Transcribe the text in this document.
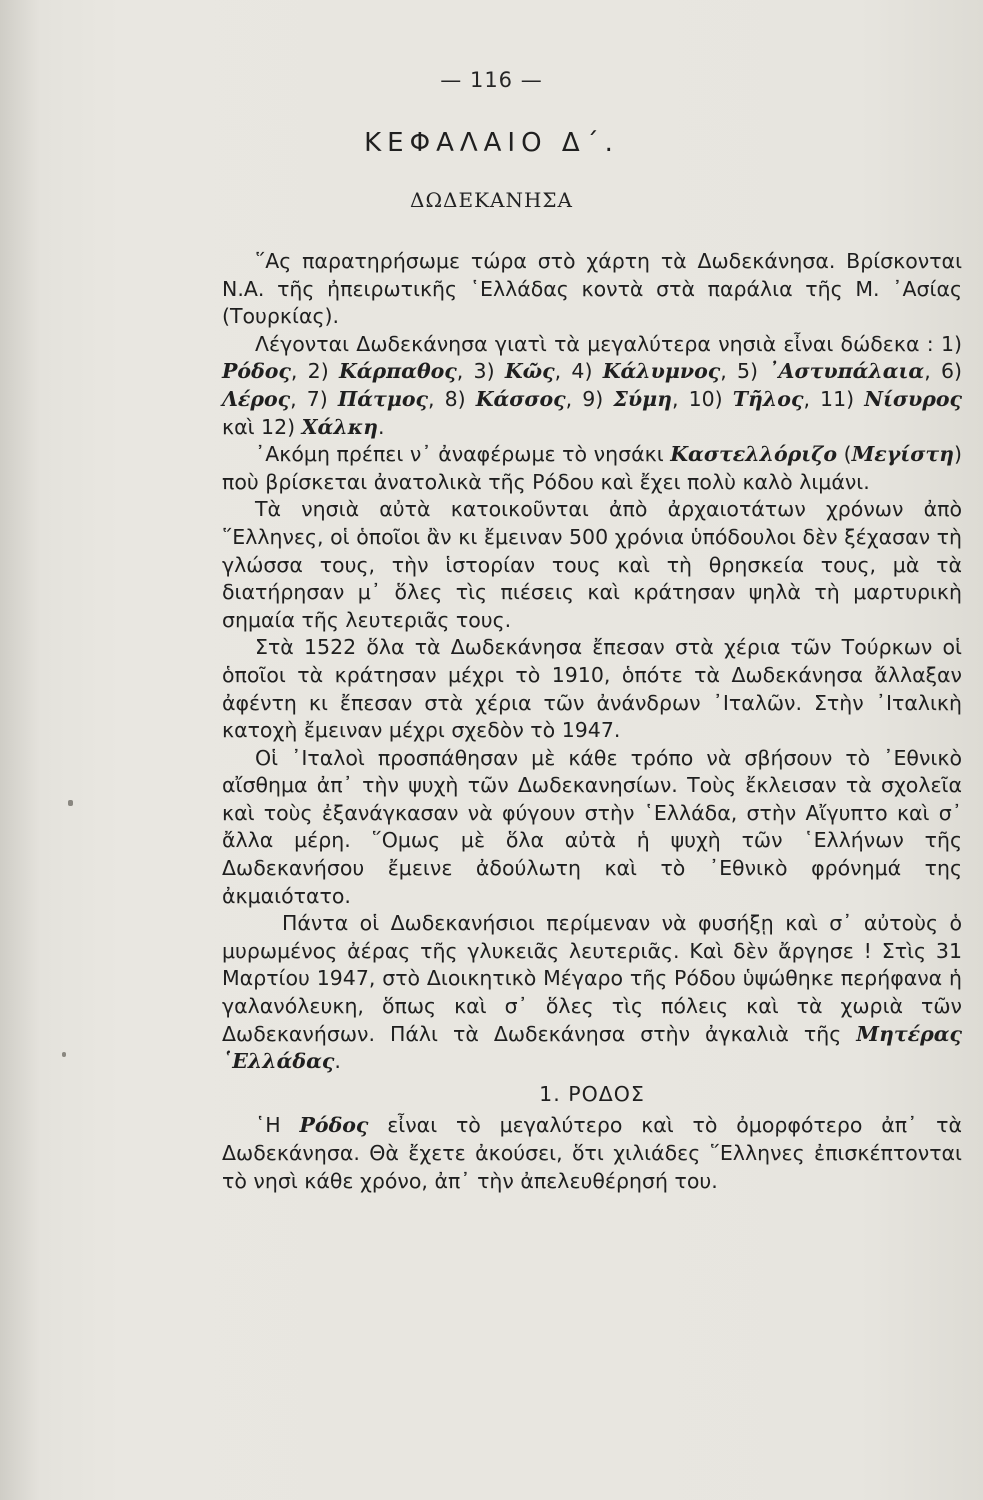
— 116 —
ΚΕΦΑΛΑΙΟ Δ΄.
ΔΩΔΕΚΑΝΗΣΑ

῞Ας παρατηρήσωμε τώρα στὸ χάρτη τὰ Δωδεκάνησα. Βρίσκονται Ν.Α. τῆς ἠπειρωτικῆς ῾Ελλάδας κοντὰ στὰ παράλια τῆς Μ. ᾿Ασίας (Τουρκίας).

Λέγονται Δωδεκάνησα γιατὶ τὰ μεγαλύτερα νησιὰ εἶναι δώδεκα : 1) Ρόδος, 2) Κάρπαθος, 3) Κῶς, 4) Κάλυμνος, 5) ᾿Αστυπάλαια, 6) Λέρος, 7) Πάτμος, 8) Κάσσος, 9) Σύμη, 10) Τῆλος, 11) Νίσυρος καὶ 12) Χάλκη.

᾿Ακόμη πρέπει ν᾿ ἀναφέρωμε τὸ νησάκι Καστελλόριζο (Μεγίστη) ποὺ βρίσκεται ἀνατολικὰ τῆς Ρόδου καὶ ἔχει πολὺ καλὸ λιμάνι.

Τὰ νησιὰ αὐτὰ κατοικοῦνται ἀπὸ ἀρχαιοτάτων χρόνων ἀπὸ ῞Ελληνες, οἱ ὁποῖοι ἂν κι ἔμειναν 500 χρόνια ὑπόδουλοι δὲν ξέχασαν τὴ γλώσσα τους, τὴν ἱστορίαν τους καὶ τὴ θρησκεία τους, μὰ τὰ διατήρησαν μ᾿ ὅλες τὶς πιέσεις καὶ κράτησαν ψηλὰ τὴ μαρτυρικὴ σημαία τῆς λευτεριᾶς τους.

Στὰ 1522 ὅλα τὰ Δωδεκάνησα ἔπεσαν στὰ χέρια τῶν Τούρκων οἱ ὁποῖοι τὰ κράτησαν μέχρι τὸ 1910, ὁπότε τὰ Δωδεκάνησα ἄλλαξαν ἀφέντη κι ἔπεσαν στὰ χέρια τῶν ἀνάνδρων ᾿Ιταλῶν. Στὴν ᾿Ιταλικὴ κατοχὴ ἔμειναν μέχρι σχεδὸν τὸ 1947.

Οἱ ᾿Ιταλοὶ προσπάθησαν μὲ κάθε τρόπο νὰ σβήσουν τὸ ᾿Εθνικὸ αἴσθημα ἀπ᾿ τὴν ψυχὴ τῶν Δωδεκανησίων. Τοὺς ἔκλεισαν τὰ σχολεῖα καὶ τοὺς ἐξανάγκασαν νὰ φύγουν στὴν ῾Ελλάδα, στὴν Αἴγυπτο καὶ σ᾿ ἄλλα μέρη. ῞Ομως μὲ ὅλα αὐτὰ ἡ ψυχὴ τῶν ῾Ελλήνων τῆς Δωδεκανήσου ἔμεινε ἀδούλωτη καὶ τὸ ᾿Εθνικὸ φρόνημά της ἀκμαιότατο.

Πάντα οἱ Δωδεκανήσιοι περίμεναν νὰ φυσήξῃ καὶ σ᾿ αὐτοὺς ὁ μυρωμένος ἀέρας τῆς γλυκειᾶς λευτεριᾶς. Καὶ δὲν ἄργησε ! Στὶς 31 Μαρτίου 1947, στὸ Διοικητικὸ Μέγαρο τῆς Ρόδου ὑψώθηκε περήφανα ἡ γαλανόλευκη, ὅπως καὶ σ᾿ ὅλες τὶς πόλεις καὶ τὰ χωριὰ τῶν Δωδεκανήσων. Πάλι τὰ Δωδεκάνησα στὴν ἀγκαλιὰ τῆς Μητέρας ῾Ελλάδας.

1. ΡΟΔΟΣ

῾Η Ρόδος εἶναι τὸ μεγαλύτερο καὶ τὸ ὀμορφότερο ἀπ᾿ τὰ Δωδεκάνησα. Θὰ ἔχετε ἀκούσει, ὅτι χιλιάδες ῞Ελληνες ἐπισκέπτονται τὸ νησὶ κάθε χρόνο, ἀπ᾿ τὴν ἀπελευθέρησή του.
